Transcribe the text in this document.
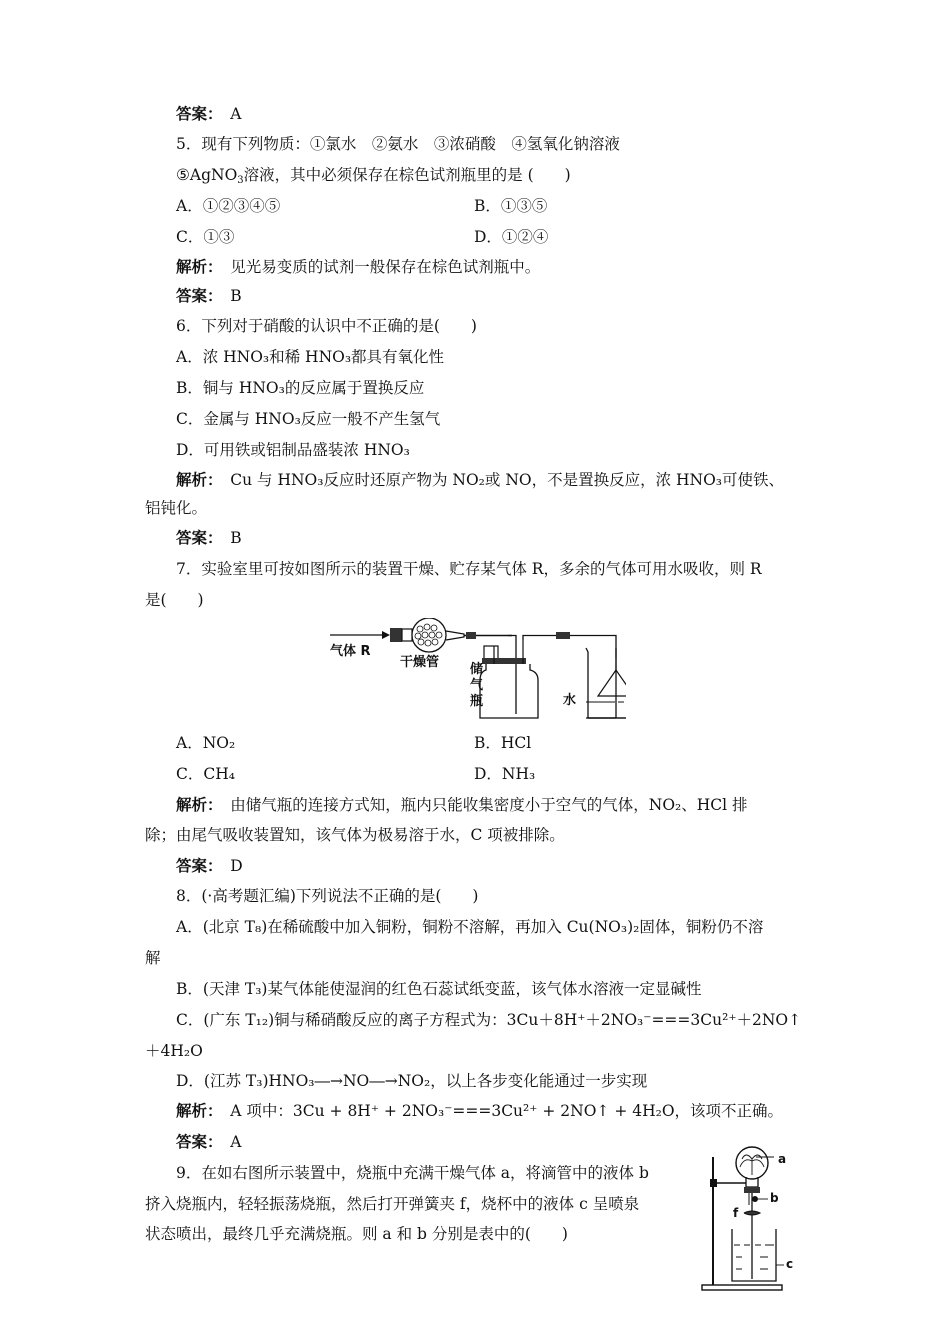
答案：　 A
5．现有下列物质：①氯水　②氨水　③浓硝酸　④氢氧化钠溶液
⑤AgNO$_3$溶液，其中必须保存在棕色试剂瓶里的是 (　　)
A．①②③④⑤	B．①③⑤
C．①③	D．①②④
解析：　 见光易变质的试剂一般保存在棕色试剂瓶中。
答案：　 B
6．下列对于硝酸的认识中不正确的是(　　)
A．浓 HNO₃和稀 HNO₃都具有氧化性
B．铜与 HNO₃的反应属于置换反应
C．金属与 HNO₃反应一般不产生氢气
D．可用铁或铝制品盛装浓 HNO₃
解析：　 Cu 与 HNO₃反应时还原产物为 NO₂或 NO，不是置换反应，浓 HNO₃可使铁、
铝钝化。
答案：　 B
7．实验室里可按如图所示的装置干燥、贮存某气体 R，多余的气体可用水吸收，则 R
是(　　)
气体 R
干燥管 储
气
瓶	水
A．NO₂	B．HCl
C．CH₄	D．NH₃
解析：　 由储气瓶的连接方式知，瓶内只能收集密度小于空气的气体，NO₂、HCl 排
除；由尾气吸收装置知，该气体为极易溶于水，C 项被排除。
答案：　 D
8．(·高考题汇编)下列说法不正确的是(　　)
A．(北京 T₈)在稀硫酸中加入铜粉，铜粉不溶解，再加入 Cu(NO₃)₂固体，铜粉仍不溶
解
B．(天津 T₃)某气体能使湿润的红色石蕊试纸变蓝，该气体水溶液一定显碱性
C．(广东 T₁₂)铜与稀硝酸反应的离子方程式为：3Cu＋8H⁺＋2NO₃⁻===3Cu²⁺＋2NO↑
＋4H₂O
D．(江苏 T₃)HNO₃―→NO―→NO₂，以上各步变化能通过一步实现
解析：　 A 项中：3Cu + 8H⁺ + 2NO₃⁻===3Cu²⁺ + 2NO↑ + 4H₂O，该项不正确。
答案：　 A
9．在如右图所示装置中，烧瓶中充满干燥气体 a，将滴管中的液体 b
挤入烧瓶内，轻轻振荡烧瓶，然后打开弹簧夹 f，烧杯中的液体 c 呈喷泉
状态喷出，最终几乎充满烧瓶。则 a 和 b 分别是表中的(　　)
a
b
f
c
